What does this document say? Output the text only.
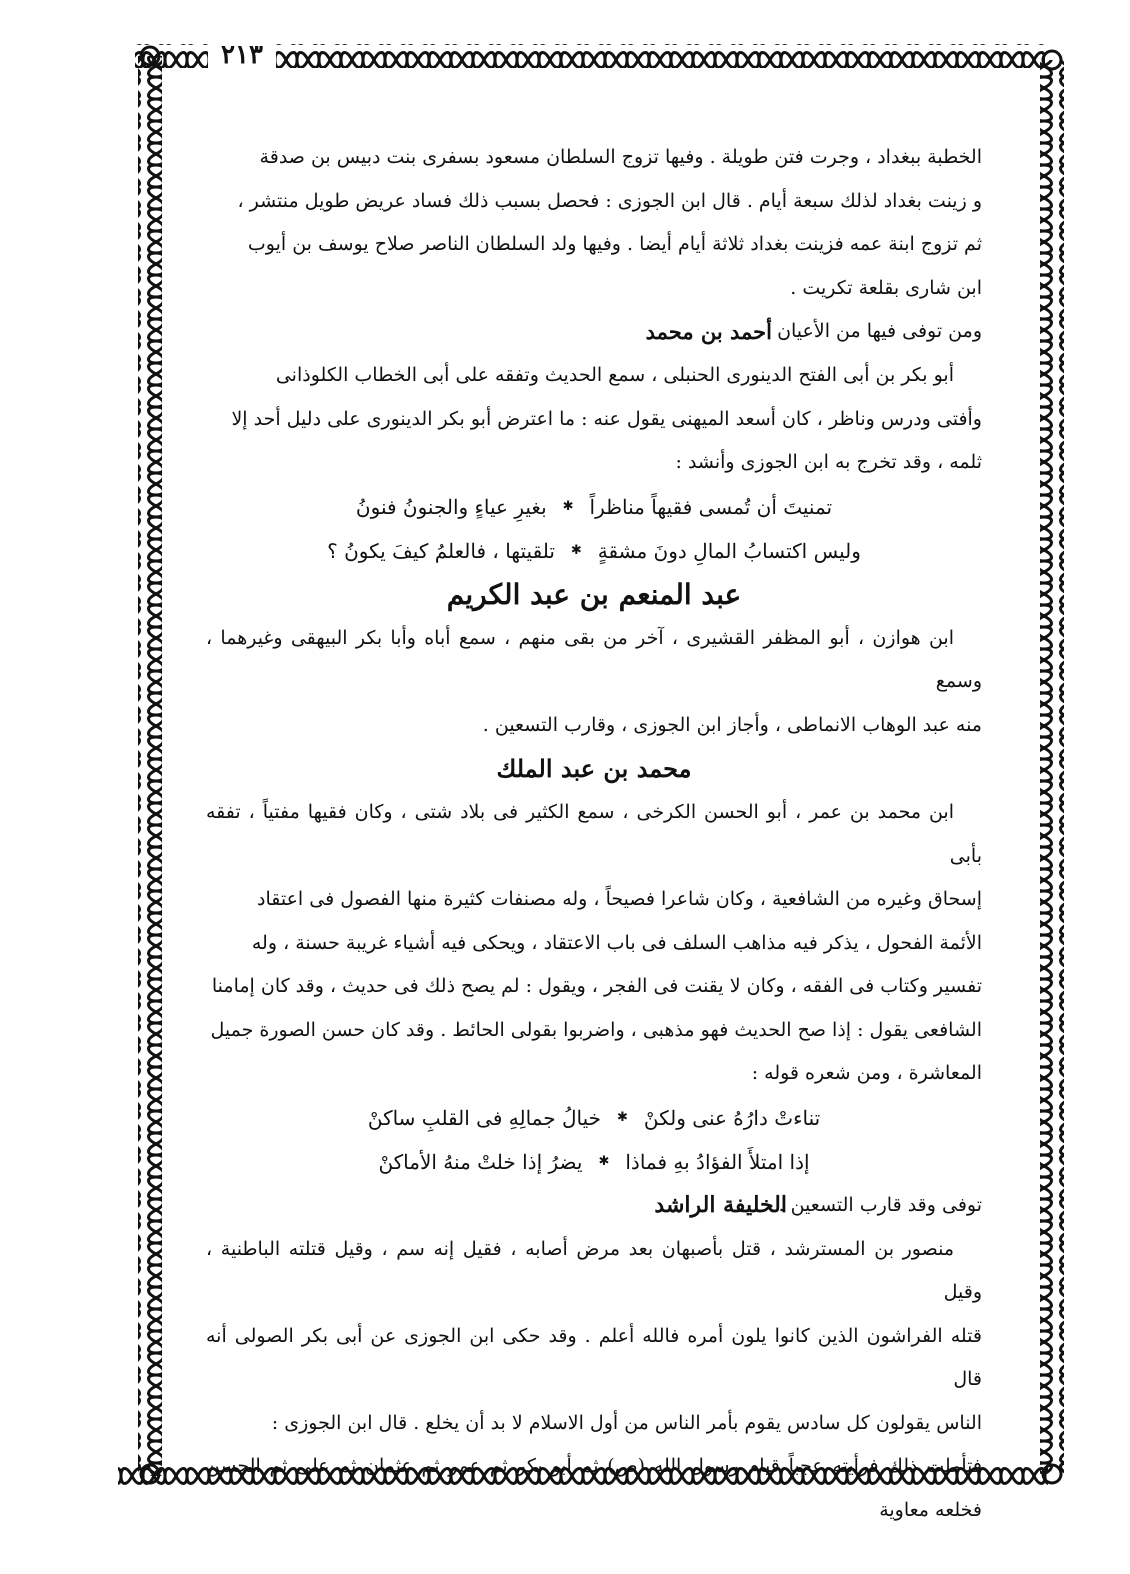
٢١٣

الخطبة ببغداد ، وجرت فتن طويلة . وفيها تزوج السلطان مسعود بسفرى بنت دبيس بن صدقة

و زينت بغداد لذلك سبعة أيام . قال ابن الجوزى : فحصل بسبب ذلك فساد عريض طويل منتشر ،

ثم تزوج ابنة عمه فزينت بغداد ثلاثة أيام أيضا . وفيها ولد السلطان الناصر صلاح يوسف بن أيوب

ابن شارى بقلعة تكريت .

ومن توفى فيها من الأعيان
أحمد بن محمد

أبو بكر بن أبى الفتح الدينورى الحنبلى ، سمع الحديث وتفقه على أبى الخطاب الكلوذانى

وأفتى ودرس وناظر ، كان أسعد الميهنى يقول عنه : ما اعترض أبو بكر الدينورى على دليل أحد إلا

ثلمه ، وقد تخرج به ابن الجوزى وأنشد :

تمنيتَ أن تُمسى فقيهاً مناظراً
✱
بغيرِ عياءٍ والجنونُ فنونُ
وليس اكتسابُ المالِ دونَ مشقةٍ
✱
تلقيتها ، فالعلمُ كيفَ يكونُ ؟
عبد المنعم بن عبد الكريم

ابن هوازن ، أبو المظفر القشيرى ، آخر من بقى منهم ، سمع أباه وأبا بكر البيهقى وغيرهما ، وسمع

منه عبد الوهاب الانماطى ، وأجاز ابن الجوزى ، وقارب التسعين .

محمد بن عبد الملك

ابن محمد بن عمر ، أبو الحسن الكرخى ، سمع الكثير فى بلاد شتى ، وكان فقيها مفتياً ، تفقه بأبى

إسحاق وغيره من الشافعية ، وكان شاعرا فصيحاً ، وله مصنفات كثيرة منها الفصول فى اعتقاد

الأئمة الفحول ، يذكر فيه مذاهب السلف فى باب الاعتقاد ، ويحكى فيه أشياء غريبة حسنة ، وله

تفسير وكتاب فى الفقه ، وكان لا يقنت فى الفجر ، ويقول : لم يصح ذلك فى حديث ، وقد كان إمامنا

الشافعى يقول : إذا صح الحديث فهو مذهبى ، واضربوا بقولى الحائط . وقد كان حسن الصورة جميل

المعاشرة ، ومن شعره قوله :

تناءتْ دارُهُ عنى ولكنْ
✱
خيالُ جمالِهِ فى القلبِ ساكنْ
إذا امتلأَ الفؤادُ بهِ فماذا
✱
يضرُ إذا خلتْ منهُ الأماكنْ
توفى وقد قارب التسعين .
الخليفة الراشد

منصور بن المسترشد ، قتل بأصبهان بعد مرض أصابه ، فقيل إنه سم ، وقيل قتلته الباطنية ، وقيل

قتله الفراشون الذين كانوا يلون أمره فالله أعلم . وقد حكى ابن الجوزى عن أبى بكر الصولى أنه قال

الناس يقولون كل سادس يقوم بأمر الناس من أول الاسلام لا بد أن يخلع . قال ابن الجوزى :

فتأملت ذلك فرأيته عجباً قيام رسول الله (ص) ثم أبو بكر ثم عمر ثم عثمان ثم على ثم الحسن فخلعه معاوية
